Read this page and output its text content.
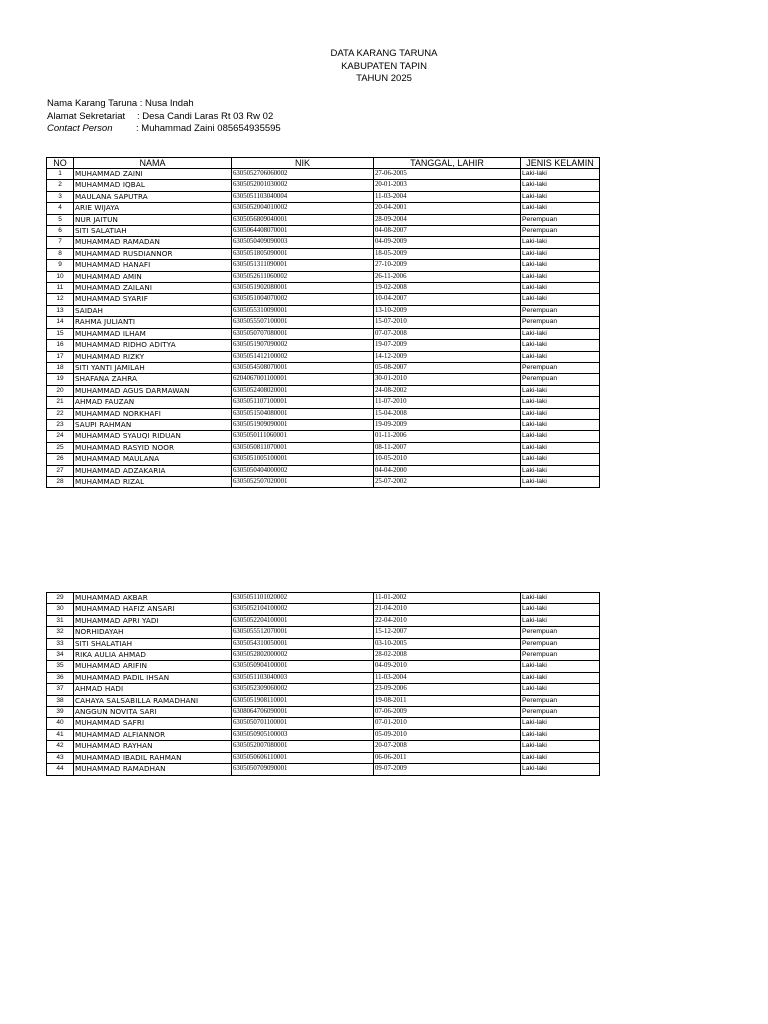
DATA KARANG TARUNA
KABUPATEN TAPIN
TAHUN 2025
Nama Karang Taruna : Nusa Indah
Alamat Sekretariat : Desa Candi Laras Rt 03 Rw 02
Contact Person : Muhammad Zaini 085654935595
NO	NAMA	NIK	TANGGAL, LAHIR	JENIS KELAMIN
1	MUHAMMAD ZAINI	6305052706060002	27-06-2005	Laki-laki
2	MUHAMMAD IQBAL	6305052001030002	20-01-2003	Laki-laki
3	MAULANA SAPUTRA	6305051103040004	11-03-2004	Laki-laki
4	ARIE WIJAYA	6305052004010002	20-04-2001	Laki-laki
5	NUR JAITUN	6305056809040001	28-09-2004	Perempuan
6	SITI SALATIAH	6305064408070001	04-08-2007	Perempuan
7	MUHAMMAD RAMADAN	6305050409090003	04-09-2009	Laki-laki
8	MUHAMMAD RUSDIANNOR	6305051805090001	18-05-2009	Laki-laki
9	MUHAMMAD HANAFI	6305051311090001	27-10-2009	Laki-laki
10	MUHAMMAD AMIN	6305052611060002	26-11-2006	Laki-laki
11	MUHAMMAD ZAILANI	6305051902080001	19-02-2008	Laki-laki
12	MUHAMMAD SYARIF	6305051004070002	10-04-2007	Laki-laki
13	SAIDAH	6305055310090001	13-10-2009	Perempuan
14	RAHMA JULIANTI	6305055507100001	15-07-2010	Perempuan
15	MUHAMMAD ILHAM	6305050707080001	07-07-2008	Laki-laki
16	MUHAMMAD RIDHO ADITYA	6305051907090002	19-07-2009	Laki-laki
17	MUHAMMAD RIZKY	6305051412100002	14-12-2009	Laki-laki
18	SITI YANTI JAMILAH	6305054508070001	05-08-2007	Perempuan
19	SHAFANA ZAHRA	6204067001100001	30-01-2010	Perempuan
20	MUHAMMAD AGUS DARMAWAN	6305052408020001	24-08-2002	Laki-laki
21	AHMAD FAUZAN	6305051107100001	11-07-2010	Laki-laki
22	MUHAMMAD NORKHAFI	6305051504080001	15-04-2008	Laki-laki
23	SAUPI RAHMAN	6305051909090001	19-09-2009	Laki-laki
24	MUHAMMAD SYAUQI RIDUAN	6305050111060001	01-11-2006	Laki-laki
25	MUHAMMAD RASYID NOOR	6305050811070001	08-11-2007	Laki-laki
26	MUHAMMAD MAULANA	6305051005100001	10-05-2010	Laki-laki
27	MUHAMMAD ADZAKARIA	6305050404000002	04-04-2000	Laki-laki
28	MUHAMMAD RIZAL	6305052507020001	25-07-2002	Laki-laki
29	MUHAMMAD AKBAR	6305051101020002	11-01-2002	Laki-laki
30	MUHAMMAD HAFIZ ANSARI	6305052104100002	21-04-2010	Laki-laki
31	MUHAMMAD APRI YADI	6305052204100001	22-04-2010	Laki-laki
32	NORHIDAYAH	6305055512070001	15-12-2007	Perempuan
33	SITI SHALATIAH	6305054310050001	03-10-2005	Perempuan
34	RIKA AULIA AHMAD	6305052802000002	28-02-2008	Perempuan
35	MUHAMMAD ARIFIN	6305050904100001	04-09-2010	Laki-laki
36	MUHAMMAD PADIL IHSAN	6305051103040003	11-03-2004	Laki-laki
37	AHMAD HADI	6305052309060002	23-09-2006	Laki-laki
38	CAHAYA SALSABILLA RAMADHANI	6305051908110001	19-08-2011	Perempuan
39	ANGGUN NOVITA SARI	6308064706090001	07-06-2009	Perempuan
40	MUHAMMAD SAFRI	6305050701100001	07-01-2010	Laki-laki
41	MUHAMMAD ALFIANNOR	6305050905100003	05-09-2010	Laki-laki
42	MUHAMMAD RAYHAN	6305052007080001	20-07-2008	Laki-laki
43	MUHAMMAD IBADIL RAHMAN	6305050606110001	06-06-2011	Laki-laki
44	MUHAMMAD RAMADHAN	6305050709090001	09-07-2009	Laki-laki
